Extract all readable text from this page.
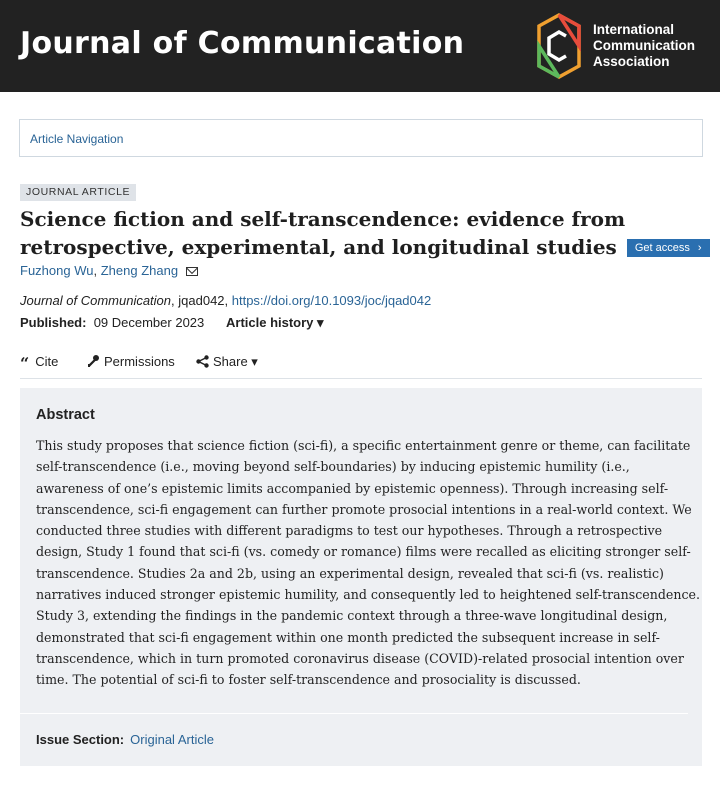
Journal of Communication	International
Communication
Association
Article Navigation
JOURNAL ARTICLE
Science fiction and self-transcendence: evidence from
retrospective, experimental, and longitudinal studies Get access ›
Fuzhong Wu, Zheng Zhang
Journal of Communication, jqad042, https://doi.org/10.1093/joc/jqad042
Published: 09 December 2023 Article history ▾
“ Cite	Permissions	Share ▾
Abstract
This study proposes that science fiction (sci-fi), a specific entertainment genre or theme, can facilitate
self-transcendence (i.e., moving beyond self-boundaries) by inducing epistemic humility (i.e.,
awareness of one’s epistemic limits accompanied by epistemic openness). Through increasing self-
transcendence, sci-fi engagement can further promote prosocial intentions in a real-world context. We
conducted three studies with different paradigms to test our hypotheses. Through a retrospective
design, Study 1 found that sci-fi (vs. comedy or romance) films were recalled as eliciting stronger self-
transcendence. Studies 2a and 2b, using an experimental design, revealed that sci-fi (vs. realistic)
narratives induced stronger epistemic humility, and consequently led to heightened self-transcendence.
Study 3, extending the findings in the pandemic context through a three-wave longitudinal design,
demonstrated that sci-fi engagement within one month predicted the subsequent increase in self-
transcendence, which in turn promoted coronavirus disease (COVID)-related prosocial intention over
time. The potential of sci-fi to foster self-transcendence and prosociality is discussed.
Issue Section: Original Article
